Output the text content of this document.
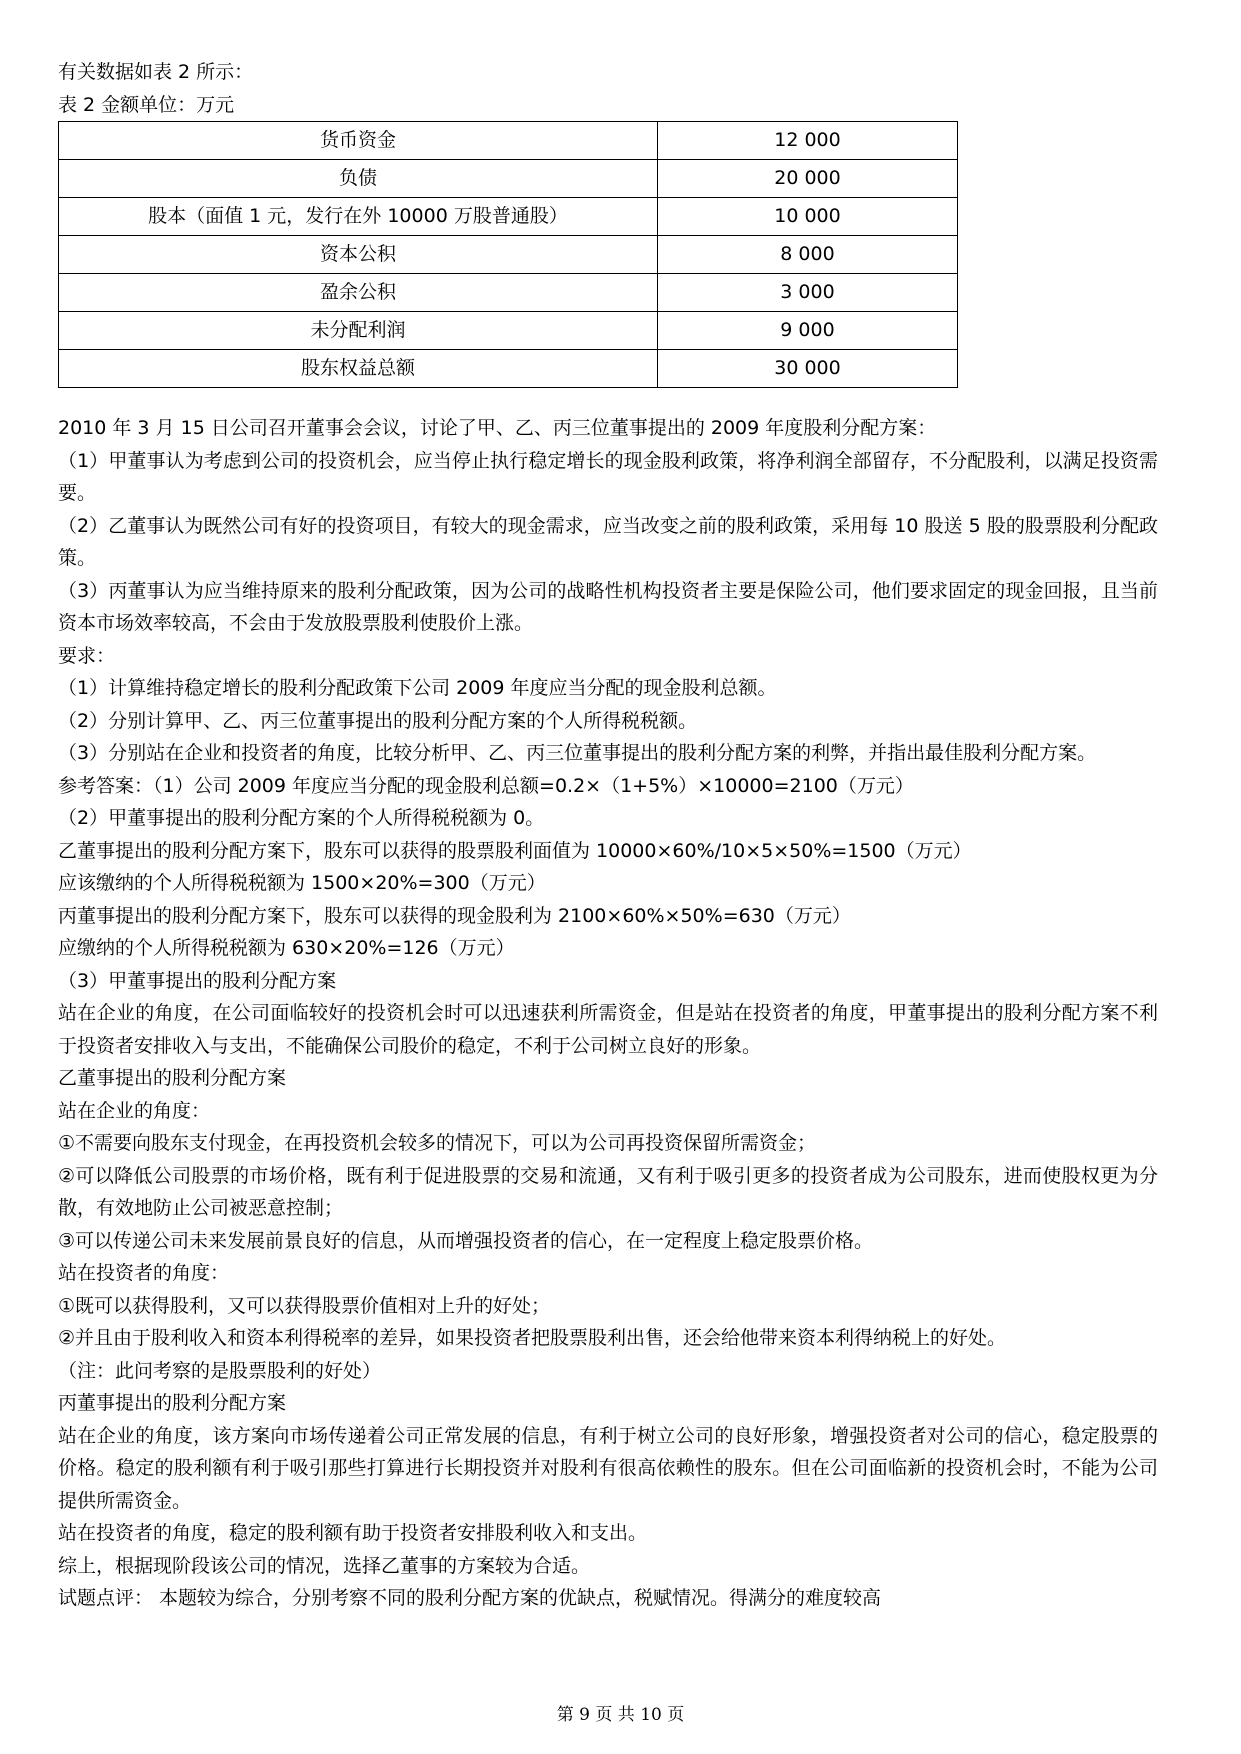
有关数据如表 2 所示：
表 2 金额单位：万元
货币资金	12 000
负债	20 000
股本（面值 1 元，发行在外 10000 万股普通股）	10 000
资本公积	8 000
盈余公积	3 000
未分配利润	9 000
股东权益总额	30 000
2010 年 3 月 15 日公司召开董事会会议，讨论了甲、乙、丙三位董事提出的 2009 年度股利分配方案：
（1）甲董事认为考虑到公司的投资机会，应当停止执行稳定增长的现金股利政策，将净利润全部留存，不分配股利，以满足投资需要。
（2）乙董事认为既然公司有好的投资项目，有较大的现金需求，应当改变之前的股利政策，采用每 10 股送 5 股的股票股利分配政策。
（3）丙董事认为应当维持原来的股利分配政策，因为公司的战略性机构投资者主要是保险公司，他们要求固定的现金回报，且当前资本市场效率较高，不会由于发放股票股利使股价上涨。
要求：
（1）计算维持稳定增长的股利分配政策下公司 2009 年度应当分配的现金股利总额。
（2）分别计算甲、乙、丙三位董事提出的股利分配方案的个人所得税税额。
（3）分别站在企业和投资者的角度，比较分析甲、乙、丙三位董事提出的股利分配方案的利弊，并指出最佳股利分配方案。
参考答案：（1）公司 2009 年度应当分配的现金股利总额=0.2×（1+5%）×10000=2100（万元）
（2）甲董事提出的股利分配方案的个人所得税税额为 0。
乙董事提出的股利分配方案下，股东可以获得的股票股利面值为 10000×60%/10×5×50%=1500（万元）
应该缴纳的个人所得税税额为 1500×20%=300（万元）
丙董事提出的股利分配方案下，股东可以获得的现金股利为 2100×60%×50%=630（万元）
应缴纳的个人所得税税额为 630×20%=126（万元）
（3）甲董事提出的股利分配方案
站在企业的角度，在公司面临较好的投资机会时可以迅速获利所需资金，但是站在投资者的角度，甲董事提出的股利分配方案不利于投资者安排收入与支出，不能确保公司股价的稳定，不利于公司树立良好的形象。
乙董事提出的股利分配方案
站在企业的角度：
①不需要向股东支付现金，在再投资机会较多的情况下，可以为公司再投资保留所需资金；
②可以降低公司股票的市场价格，既有利于促进股票的交易和流通，又有利于吸引更多的投资者成为公司股东，进而使股权更为分散，有效地防止公司被恶意控制；
③可以传递公司未来发展前景良好的信息，从而增强投资者的信心，在一定程度上稳定股票价格。
站在投资者的角度：
①既可以获得股利，又可以获得股票价值相对上升的好处；
②并且由于股利收入和资本利得税率的差异，如果投资者把股票股利出售，还会给他带来资本利得纳税上的好处。
（注：此问考察的是股票股利的好处）
丙董事提出的股利分配方案
站在企业的角度，该方案向市场传递着公司正常发展的信息，有利于树立公司的良好形象，增强投资者对公司的信心，稳定股票的价格。稳定的股利额有利于吸引那些打算进行长期投资并对股利有很高依赖性的股东。但在公司面临新的投资机会时，不能为公司提供所需资金。
站在投资者的角度，稳定的股利额有助于投资者安排股利收入和支出。
综上，根据现阶段该公司的情况，选择乙董事的方案较为合适。
试题点评： 本题较为综合，分别考察不同的股利分配方案的优缺点，税赋情况。得满分的难度较高
第 9 页 共 10 页
